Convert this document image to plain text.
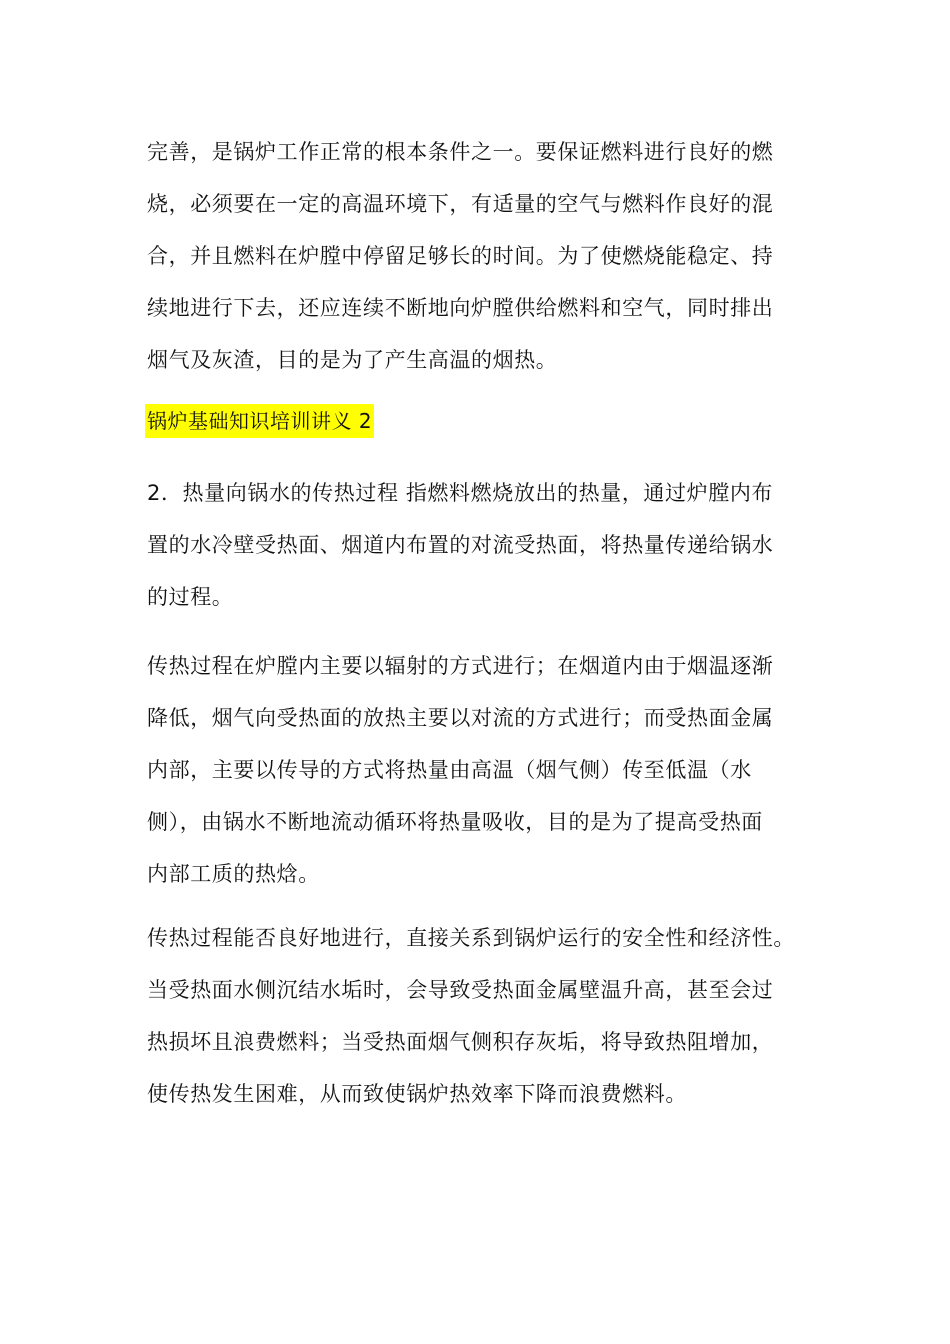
完善，是锅炉工作正常的根本条件之一。要保证燃料进行良好的燃
烧，必须要在一定的高温环境下，有适量的空气与燃料作良好的混
合，并且燃料在炉膛中停留足够长的时间。为了使燃烧能稳定、持
续地进行下去，还应连续不断地向炉膛供给燃料和空气，同时排出
烟气及灰渣，目的是为了产生高温的烟热。
锅炉基础知识培训讲义 2
2．热量向锅水的传热过程 指燃料燃烧放出的热量，通过炉膛内布
置的水冷壁受热面、烟道内布置的对流受热面，将热量传递给锅水
的过程。
传热过程在炉膛内主要以辐射的方式进行；在烟道内由于烟温逐渐
降低，烟气向受热面的放热主要以对流的方式进行；而受热面金属
内部，主要以传导的方式将热量由高温（烟气侧）传至低温（水
侧），由锅水不断地流动循环将热量吸收，目的是为了提高受热面
内部工质的热焓。
传热过程能否良好地进行，直接关系到锅炉运行的安全性和经济性。
当受热面水侧沉结水垢时，会导致受热面金属壁温升高，甚至会过
热损坏且浪费燃料；当受热面烟气侧积存灰垢，将导致热阻增加，
使传热发生困难，从而致使锅炉热效率下降而浪费燃料。
